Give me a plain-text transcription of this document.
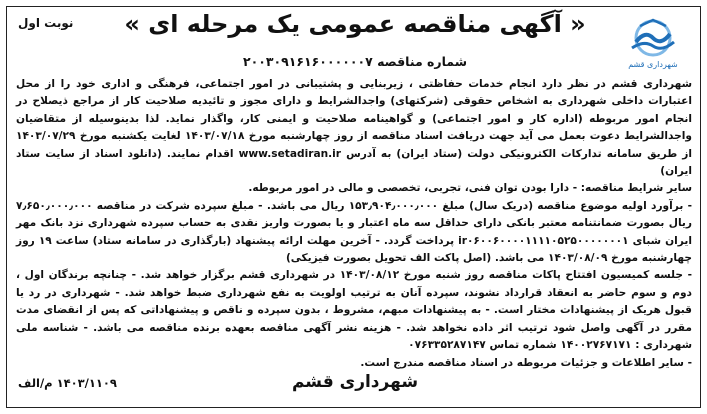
شهرداری قشم
نوبت اول « آگهی مناقصه عمومی یک مرحله ای »
شماره مناقصه ۲۰۰۳۰۹۱۶۱۶۰۰۰۰۰۰۷

شهرداری قشم در نظر دارد انجام خدمات حفاظتی ، زیربنایی و پشتیبانی در امور اجتماعی، فرهنگی و اداری خود را از محل اعتبارات داخلی شهرداری به اشخاص حقوقی (شرکتهای) واجدالشرایط و دارای مجوز و تائیدیه صلاحیت کار از مراجع ذیصلاح در انجام امور مربوطه (اداره کار و امور اجتماعی) و گواهینامه صلاحیت و ایمنی کار، واگذار نماید. لذا بدینوسیله از متقاضیان واجدالشرایط دعوت بعمل می آید جهت دریافت اسناد مناقصه از روز چهارشنبه مورخ ۱۴۰۳/۰۷/۱۸ لغایت یکشنبه مورخ ۱۴۰۳/۰۷/۲۹ از طریق سامانه تدارکات الکترونیکی دولت (ستاد ایران) به آدرس www.setadiran.ir اقدام نمایند. (دانلود اسناد از سایت ستاد ایران)

سایر شرایط مناقصه: - دارا بودن توان فنی، تجربی، تخصصی و مالی در امور مربوطه.

- برآورد اولیه موضوع مناقصه (دریک سال) مبلغ ۱۵۳٫۹۰۴٫۰۰۰٫۰۰۰ ریال می باشد. - مبلغ سپرده شرکت در مناقصه ۷٫۶۵۰٫۰۰۰٫۰۰۰ ریال بصورت ضمانتنامه معتبر بانکی دارای حداقل سه ماه اعتبار و یا بصورت واریز نقدی به حساب سپرده شهرداری نزد بانک مهر ایران شبای ir۰۶۰۰۶۰۰۰۰۱۱۱۱۰۵۲۵۰۰۰۰۰۰۰۱ پرداخت گردد. - آخرین مهلت ارائه پیشنهاد (بارگذاری در سامانه ستاد) ساعت ۱۹ روز چهارشنبه مورخ ۱۴۰۳/۰۸/۰۹ می باشد. (اصل پاکت الف تحویل بصورت فیزیکی)

- جلسه کمیسیون افتتاح پاکات مناقصه روز شنبه مورخ ۱۴۰۳/۰۸/۱۲ در شهرداری قشم برگزار خواهد شد. - چنانچه برندگان اول ، دوم و سوم حاضر به انعقاد قرارداد نشوند، سپرده آنان به ترتیب اولویت به نفع شهرداری ضبط خواهد شد. - شهرداری در رد یا قبول هریک از پیشنهادات مختار است. - به پیشنهادات مبهم، مشروط ، بدون سپرده و ناقص و پیشنهاداتی که پس از انقضای مدت مقرر در آگهی واصل شود ترتیب اثر داده نخواهد شد. - هزینه نشر آگهی مناقصه بعهده برنده مناقصه می باشد. - شناسه ملی شهرداری : ۱۴۰۰۲۷۶۷۱۷۱ شماره تماس ۰۷۶۳۳۵۲۸۷۱۴۷

- سایر اطلاعات و جزئیات مربوطه در اسناد مناقصه مندرج است.

شهرداری قشم
۱۴۰۳/۱۱۰۹ م/الف
